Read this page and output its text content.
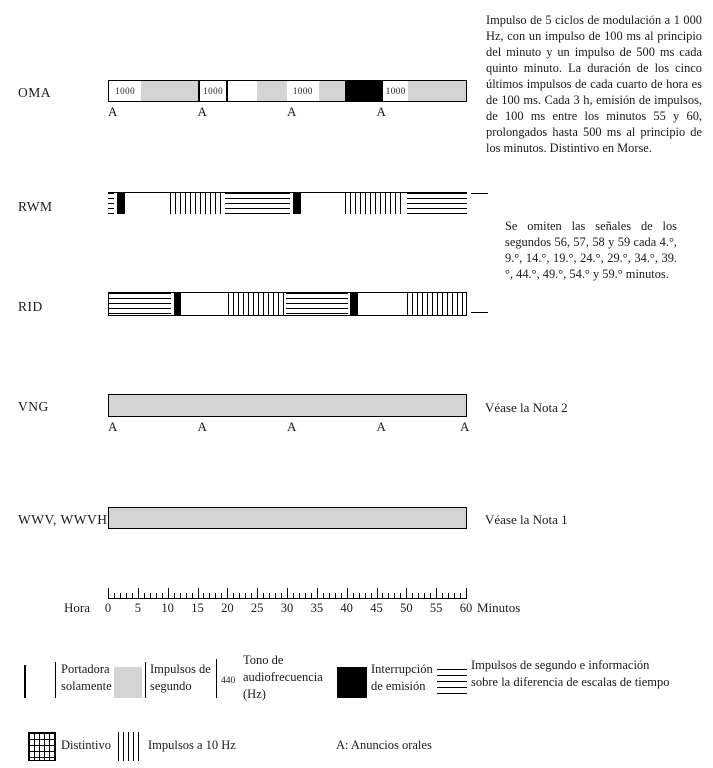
OMA	1000	1000	1000	1000
A	A	A	A
RWM
RID
VNG
A	A	A	A	A
Véase la Nota 2
WWV, WWVH	Véase la Nota 1
Impulso de 5 ciclos de modulación a 1 000 Hz, con un impulso de 100 ms al principio del minuto y un impulso de 500 ms cada quinto minuto. La duración de los cinco últimos impulsos de cada cuarto de hora es de 100 ms. Cada 3 h, emisión de impulsos, de 100 ms entre los minutos 55 y 60, prolongados hasta 500 ms al principio de los minutos. Distintivo en Morse.
Se omiten las señales de los segundos 56, 57, 58 y 59 cada 4.°, 9.°, 14.°, 19.°, 24.°, 29.°, 34.°, 39.°, 44.°, 49.°, 54.° y 59.° minutos.
Hora	0	5	10	15	20	25	30	35	40	45	50	55	60 Minutos
Portadora
solamente
Impulsos de
segundo	440
Tono de
audiofrecuencia
(Hz)
Interrupción
de emisión
Impulsos de segundo e información
sobre la diferencia de escalas de tiempo
Distintivo	Impulsos a 10 Hz	A: Anuncios orales
